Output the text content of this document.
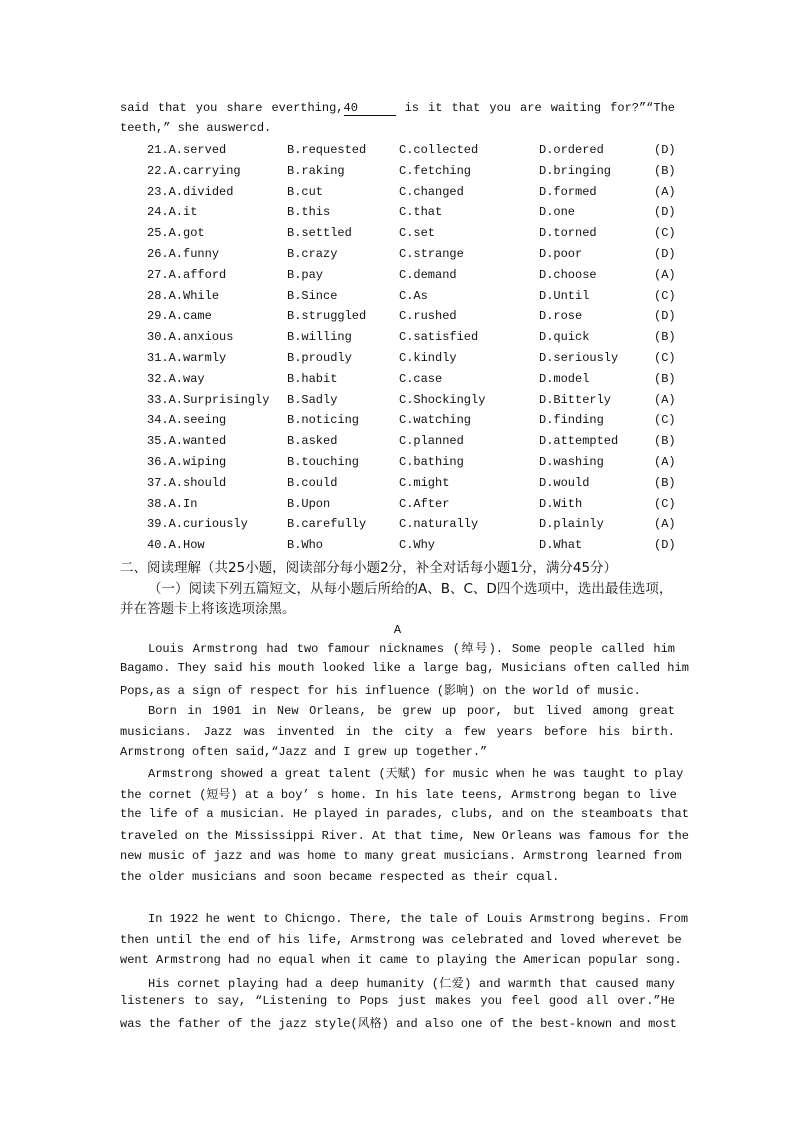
said that you share everthing,40	is it that you are waiting for?”“The
teeth,” she auswercd.
21.A.served	B.requested	C.collected	D.ordered	(D)
22.A.carrying	B.raking	C.fetching	D.bringing	(B)
23.A.divided	B.cut	C.changed	D.formed	(A)
24.A.it	B.this	C.that	D.one	(D)
25.A.got	B.settled	C.set	D.torned	(C)
26.A.funny	B.crazy	C.strange	D.poor	(D)
27.A.afford	B.pay	C.demand	D.choose	(A)
28.A.While	B.Since	C.As	D.Until	(C)
29.A.came	B.struggled	C.rushed	D.rose	(D)
30.A.anxious	B.willing	C.satisfied	D.quick	(B)
31.A.warmly	B.proudly	C.kindly	D.seriously	(C)
32.A.way	B.habit	C.case	D.model	(B)
33.A.Surprisingly B.Sadly	C.Shockingly	D.Bitterly	(A)
34.A.seeing	B.noticing	C.watching	D.finding	(C)
35.A.wanted	B.asked	C.planned	D.attempted	(B)
36.A.wiping	B.touching	C.bathing	D.washing	(A)
37.A.should	B.could	C.might	D.would	(B)
38.A.In	B.Upon	C.After	D.With	(C)
39.A.curiously	B.carefully	C.naturally	D.plainly	(A)
40.A.How	B.Who	C.Why	D.What	(D)
二、阅读理解（共25小题，阅读部分每小题2分，补全对话每小题1分，满分45分）
（一）阅读下列五篇短文，从每小题后所给的A、B、C、D四个选项中，选出最佳选项，
并在答题卡上将该选项涂黑。
A
Louis Armstrong had two famour nicknames (绰号). Some people called him
Bagamo. They said his mouth looked like a large bag, Musicians often called him
Pops,as a sign of respect for his influence (影响) on the world of music.
Born in 1901 in New Orleans, be grew up poor, but lived among great
musicians. Jazz was invented in the city a few years before his birth.
Armstrong often said,“Jazz and I grew up together.”
Armstrong showed a great talent (天赋) for music when he was taught to play
the cornet (短号) at a boy’ s home. In his late teens, Armstrong began to live
the life of a musician. He played in parades, clubs, and on the steamboats that
traveled on the Mississippi River. At that time, New Orleans was famous for the
new music of jazz and was home to many great musicians. Armstrong learned from
the older musicians and soon became respected as their cqual.
In 1922 he went to Chicngo. There, the tale of Louis Armstrong begins. From
then until the end of his life, Armstrong was celebrated and loved wherevet be
went Armstrong had no equal when it came to playing the American popular song.
His cornet playing had a deep humanity (仁爱) and warmth that caused many
listeners to say, “Listening to Pops just makes you feel good all over.”He
was the father of the jazz style(风格) and also one of the best-known and most
